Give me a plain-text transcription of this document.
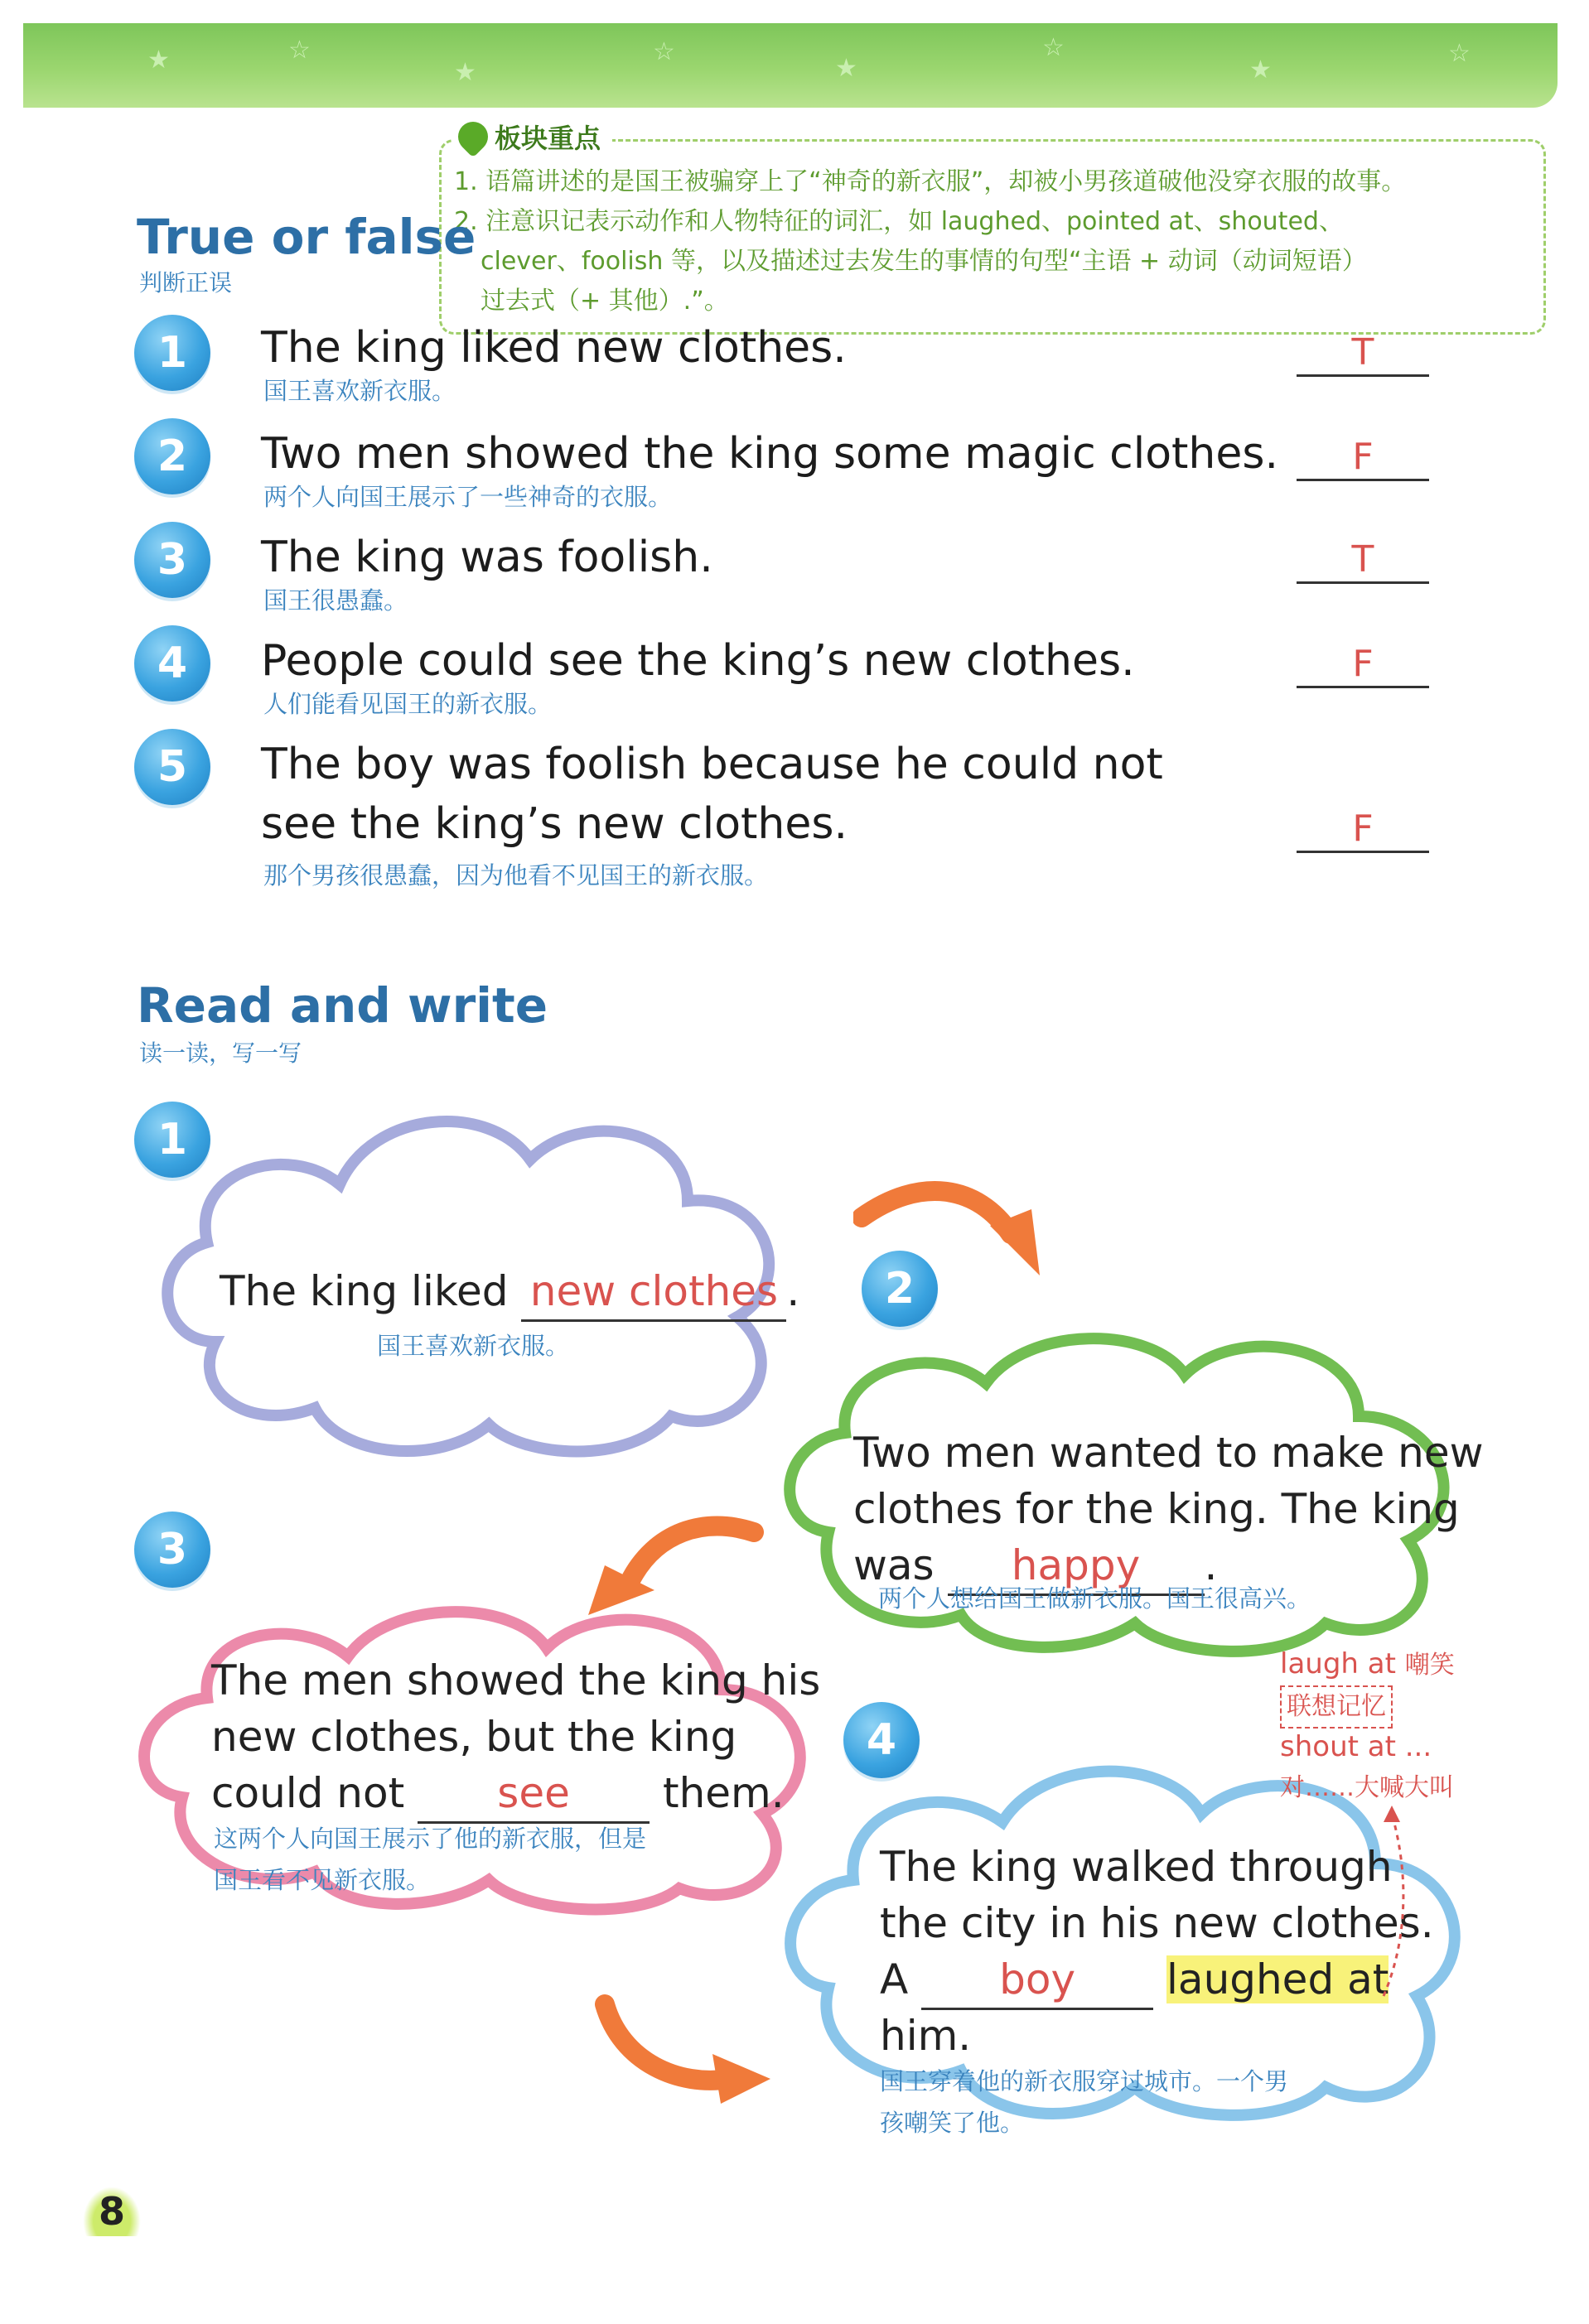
★	☆
★
☆
★
☆
★
☆
板块重点
1. 语篇讲述的是国王被骗穿上了“神奇的新衣服”，却被小男孩道破他没穿衣服的故事。
2. 注意识记表示动作和人物特征的词汇，如 laughed、pointed at、shouted、
clever、foolish 等，以及描述过去发生的事情的句型“主语 + 动词（动词短语）
过去式（+ 其他）.”。
True or false
判断正误
1	The king liked new clothes.
国王喜欢新衣服。
T
2	Two men showed the king some magic clothes.
两个人向国王展示了一些神奇的衣服。
F
3	The king was foolish.
国王很愚蠢。
T
4	People could see the king’s new clothes.
人们能看见国王的新衣服。
F
5	The boy was foolish because he could not
see the king’s new clothes.
那个男孩很愚蠢，因为他看不见国王的新衣服。
F
Read and write
读一读，写一写
1
The king liked new clothes .
国王喜欢新衣服。
2
Two men wanted to make new
clothes for the king. The king
was happy .
两个人想给国王做新衣服。国王很高兴。
3
The men showed the king his
new clothes, but the king
could not see them.
这两个人向国王展示了他的新衣服，但是
国王看不见新衣服。
4
The king walked through
the city in his new clothes.
A boy laughed at
him.
国王穿着他的新衣服穿过城市。一个男
孩嘲笑了他。
laugh at 嘲笑
联想记忆
shout at ...
对……大喊大叫
8
